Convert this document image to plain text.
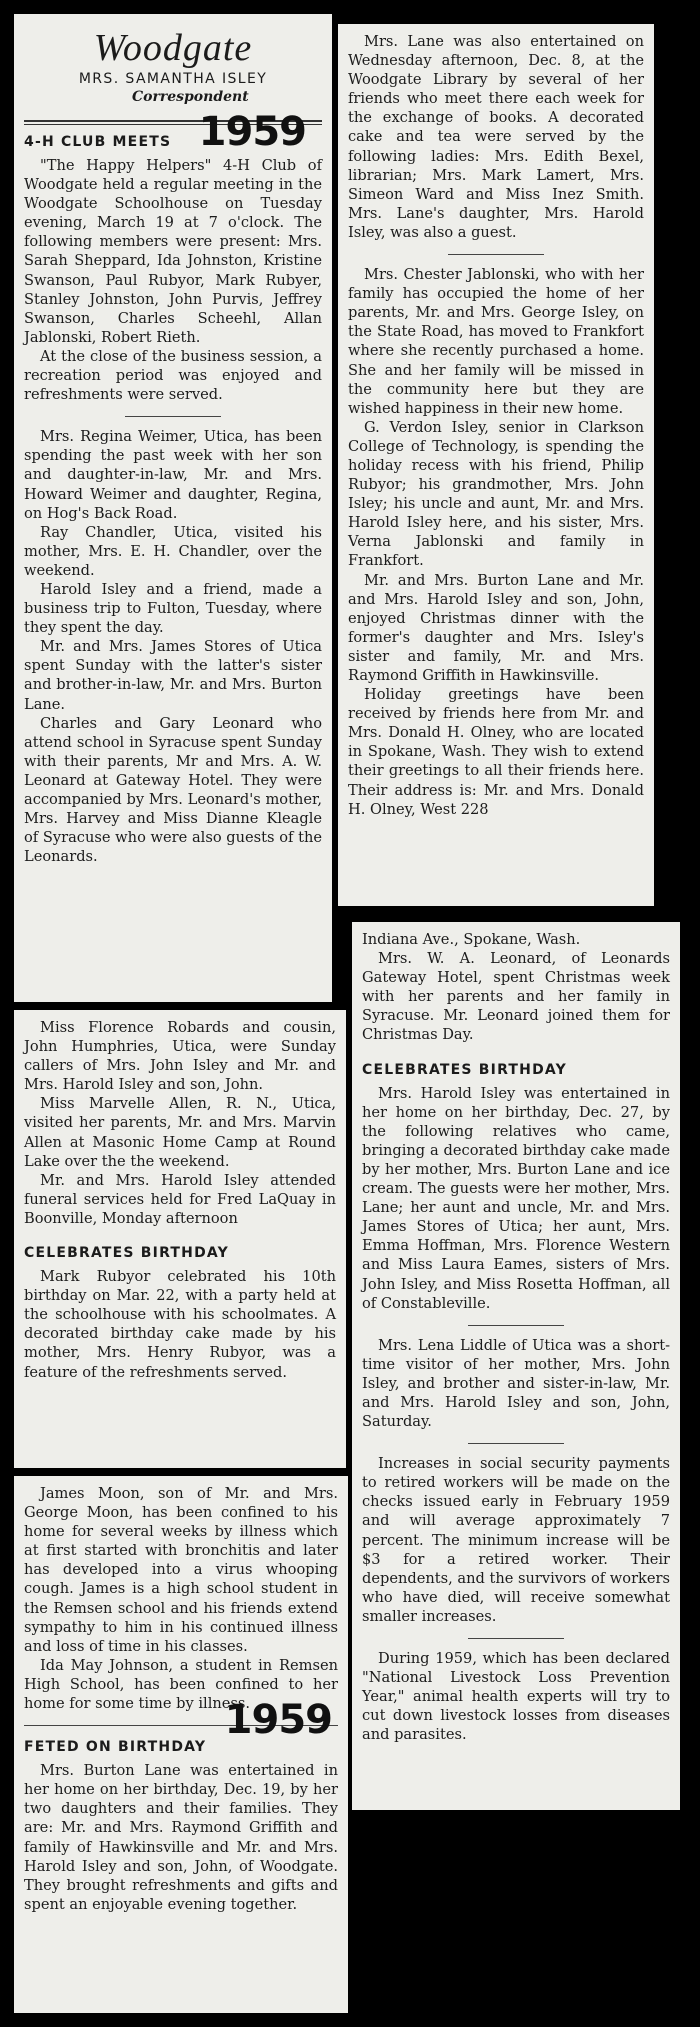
Woodgate
MRS. SAMANTHA ISLEY
Correspondent
1959
4-H CLUB MEETS

"The Happy Helpers" 4-H Club of Woodgate held a regular meeting in the Woodgate Schoolhouse on Tuesday evening, March 19 at 7 o'clock. The following members were present: Mrs. Sarah Sheppard, Ida Johnston, Kristine Swanson, Paul Rubyor, Mark Rubyer, Stanley Johnston, John Purvis, Jeffrey Swanson, Charles Scheehl, Allan Jablonski, Robert Rieth.

At the close of the business session, a recreation period was enjoyed and refreshments were served.

Mrs. Regina Weimer, Utica, has been spending the past week with her son and daughter-in-law, Mr. and Mrs. Howard Weimer and daughter, Regina, on Hog's Back Road.

Ray Chandler, Utica, visited his mother, Mrs. E. H. Chandler, over the weekend.

Harold Isley and a friend, made a business trip to Fulton, Tuesday, where they spent the day.

Mr. and Mrs. James Stores of Utica spent Sunday with the latter's sister and brother-in-law, Mr. and Mrs. Burton Lane.

Charles and Gary Leonard who attend school in Syracuse spent Sunday with their parents, Mr and Mrs. A. W. Leonard at Gateway Hotel. They were accompanied by Mrs. Leonard's mother, Mrs. Harvey and Miss Dianne Kleagle of Syracuse who were also guests of the Leonards.

Miss Florence Robards and cousin, John Humphries, Utica, were Sunday callers of Mrs. John Isley and Mr. and Mrs. Harold Isley and son, John.

Miss Marvelle Allen, R. N., Utica, visited her parents, Mr. and Mrs. Marvin Allen at Masonic Home Camp at Round Lake over the the weekend.

Mr. and Mrs. Harold Isley attended funeral services held for Fred LaQuay in Boonville, Monday afternoon

CELEBRATES BIRTHDAY

Mark Rubyor celebrated his 10th birthday on Mar. 22, with a party held at the schoolhouse with his schoolmates. A decorated birthday cake made by his mother, Mrs. Henry Rubyor, was a feature of the refreshments served.

James Moon, son of Mr. and Mrs. George Moon, has been confined to his home for several weeks by illness which at first started with bronchitis and later has developed into a virus whooping cough. James is a high school student in the Remsen school and his friends extend sympathy to him in his continued illness and loss of time in his classes.

Ida May Johnson, a student in Remsen High School, has been confined to her home for some time by illness.

FETED ON BIRTHDAY
1959

Mrs. Burton Lane was entertained in her home on her birthday, Dec. 19, by her two daughters and their families. They are: Mr. and Mrs. Raymond Griffith and family of Hawkinsville and Mr. and Mrs. Harold Isley and son, John, of Woodgate. They brought refreshments and gifts and spent an enjoyable evening together.

Mrs. Lane was also entertained on Wednesday afternoon, Dec. 8, at the Woodgate Library by several of her friends who meet there each week for the exchange of books. A decorated cake and tea were served by the following ladies: Mrs. Edith Bexel, librarian; Mrs. Mark Lamert, Mrs. Simeon Ward and Miss Inez Smith. Mrs. Lane's daughter, Mrs. Harold Isley, was also a guest.

Mrs. Chester Jablonski, who with her family has occupied the home of her parents, Mr. and Mrs. George Isley, on the State Road, has moved to Frankfort where she recently purchased a home. She and her family will be missed in the community here but they are wished happiness in their new home.

G. Verdon Isley, senior in Clarkson College of Technology, is spending the holiday recess with his friend, Philip Rubyor; his grandmother, Mrs. John Isley; his uncle and aunt, Mr. and Mrs. Harold Isley here, and his sister, Mrs. Verna Jablonski and family in Frankfort.

Mr. and Mrs. Burton Lane and Mr. and Mrs. Harold Isley and son, John, enjoyed Christmas dinner with the former's daughter and Mrs. Isley's sister and family, Mr. and Mrs. Raymond Griffith in Hawkinsville.

Holiday greetings have been received by friends here from Mr. and Mrs. Donald H. Olney, who are located in Spokane, Wash. They wish to extend their greetings to all their friends here. Their address is: Mr. and Mrs. Donald H. Olney, West 228

Indiana Ave., Spokane, Wash.

Mrs. W. A. Leonard, of Leonards Gateway Hotel, spent Christmas week with her parents and her family in Syracuse. Mr. Leonard joined them for Christmas Day.

CELEBRATES BIRTHDAY

Mrs. Harold Isley was entertained in her home on her birthday, Dec. 27, by the following relatives who came, bringing a decorated birthday cake made by her mother, Mrs. Burton Lane and ice cream. The guests were her mother, Mrs. Lane; her aunt and uncle, Mr. and Mrs. James Stores of Utica; her aunt, Mrs. Emma Hoffman, Mrs. Florence Western and Miss Laura Eames, sisters of Mrs. John Isley, and Miss Rosetta Hoffman, all of Constableville.

Mrs. Lena Liddle of Utica was a short-time visitor of her mother, Mrs. John Isley, and brother and sister-in-law, Mr. and Mrs. Harold Isley and son, John, Saturday.

Increases in social security payments to retired workers will be made on the checks issued early in February 1959 and will average approximately 7 percent. The minimum increase will be $3 for a retired worker. Their dependents, and the survivors of workers who have died, will receive somewhat smaller increases.

During 1959, which has been declared "National Livestock Loss Prevention Year," animal health experts will try to cut down livestock losses from diseases and parasites.
